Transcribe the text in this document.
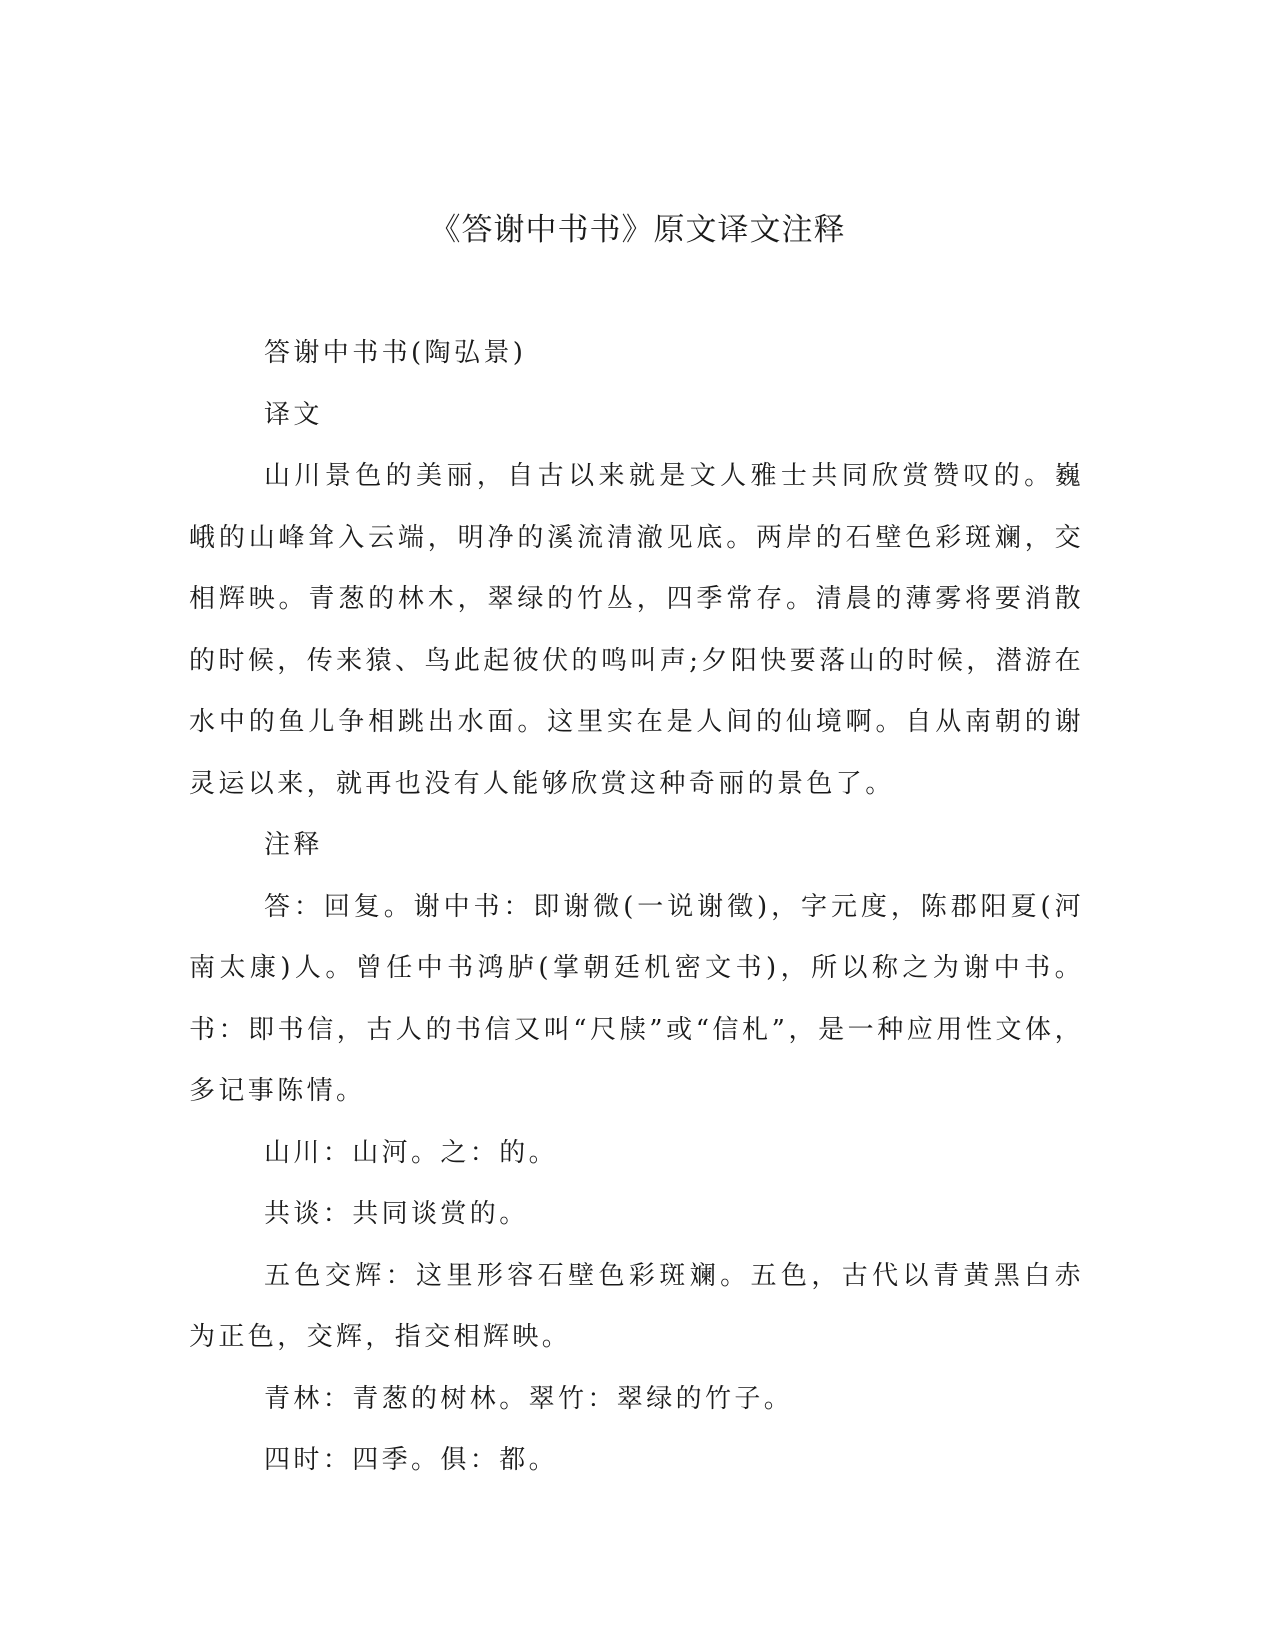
《答谢中书书》原文译文注释

答谢中书书(陶弘景)

译文

山川景色的美丽，自古以来就是文人雅士共同欣赏赞叹的。巍峨的山峰耸入云端，明净的溪流清澈见底。两岸的石壁色彩斑斓，交相辉映。青葱的林木，翠绿的竹丛，四季常存。清晨的薄雾将要消散的时候，传来猿、鸟此起彼伏的鸣叫声;夕阳快要落山的时候，潜游在水中的鱼儿争相跳出水面。这里实在是人间的仙境啊。自从南朝的谢灵运以来，就再也没有人能够欣赏这种奇丽的景色了。

注释

答：回复。谢中书：即谢微(一说谢徵)，字元度，陈郡阳夏(河南太康)人。曾任中书鸿胪(掌朝廷机密文书)，所以称之为谢中书。书：即书信，古人的书信又叫“尺牍”或“信札”，是一种应用性文体，多记事陈情。

山川：山河。之：的。

共谈：共同谈赏的。

五色交辉：这里形容石壁色彩斑斓。五色，古代以青黄黑白赤为正色，交辉，指交相辉映。

青林：青葱的树林。翠竹：翠绿的竹子。

四时：四季。俱：都。
